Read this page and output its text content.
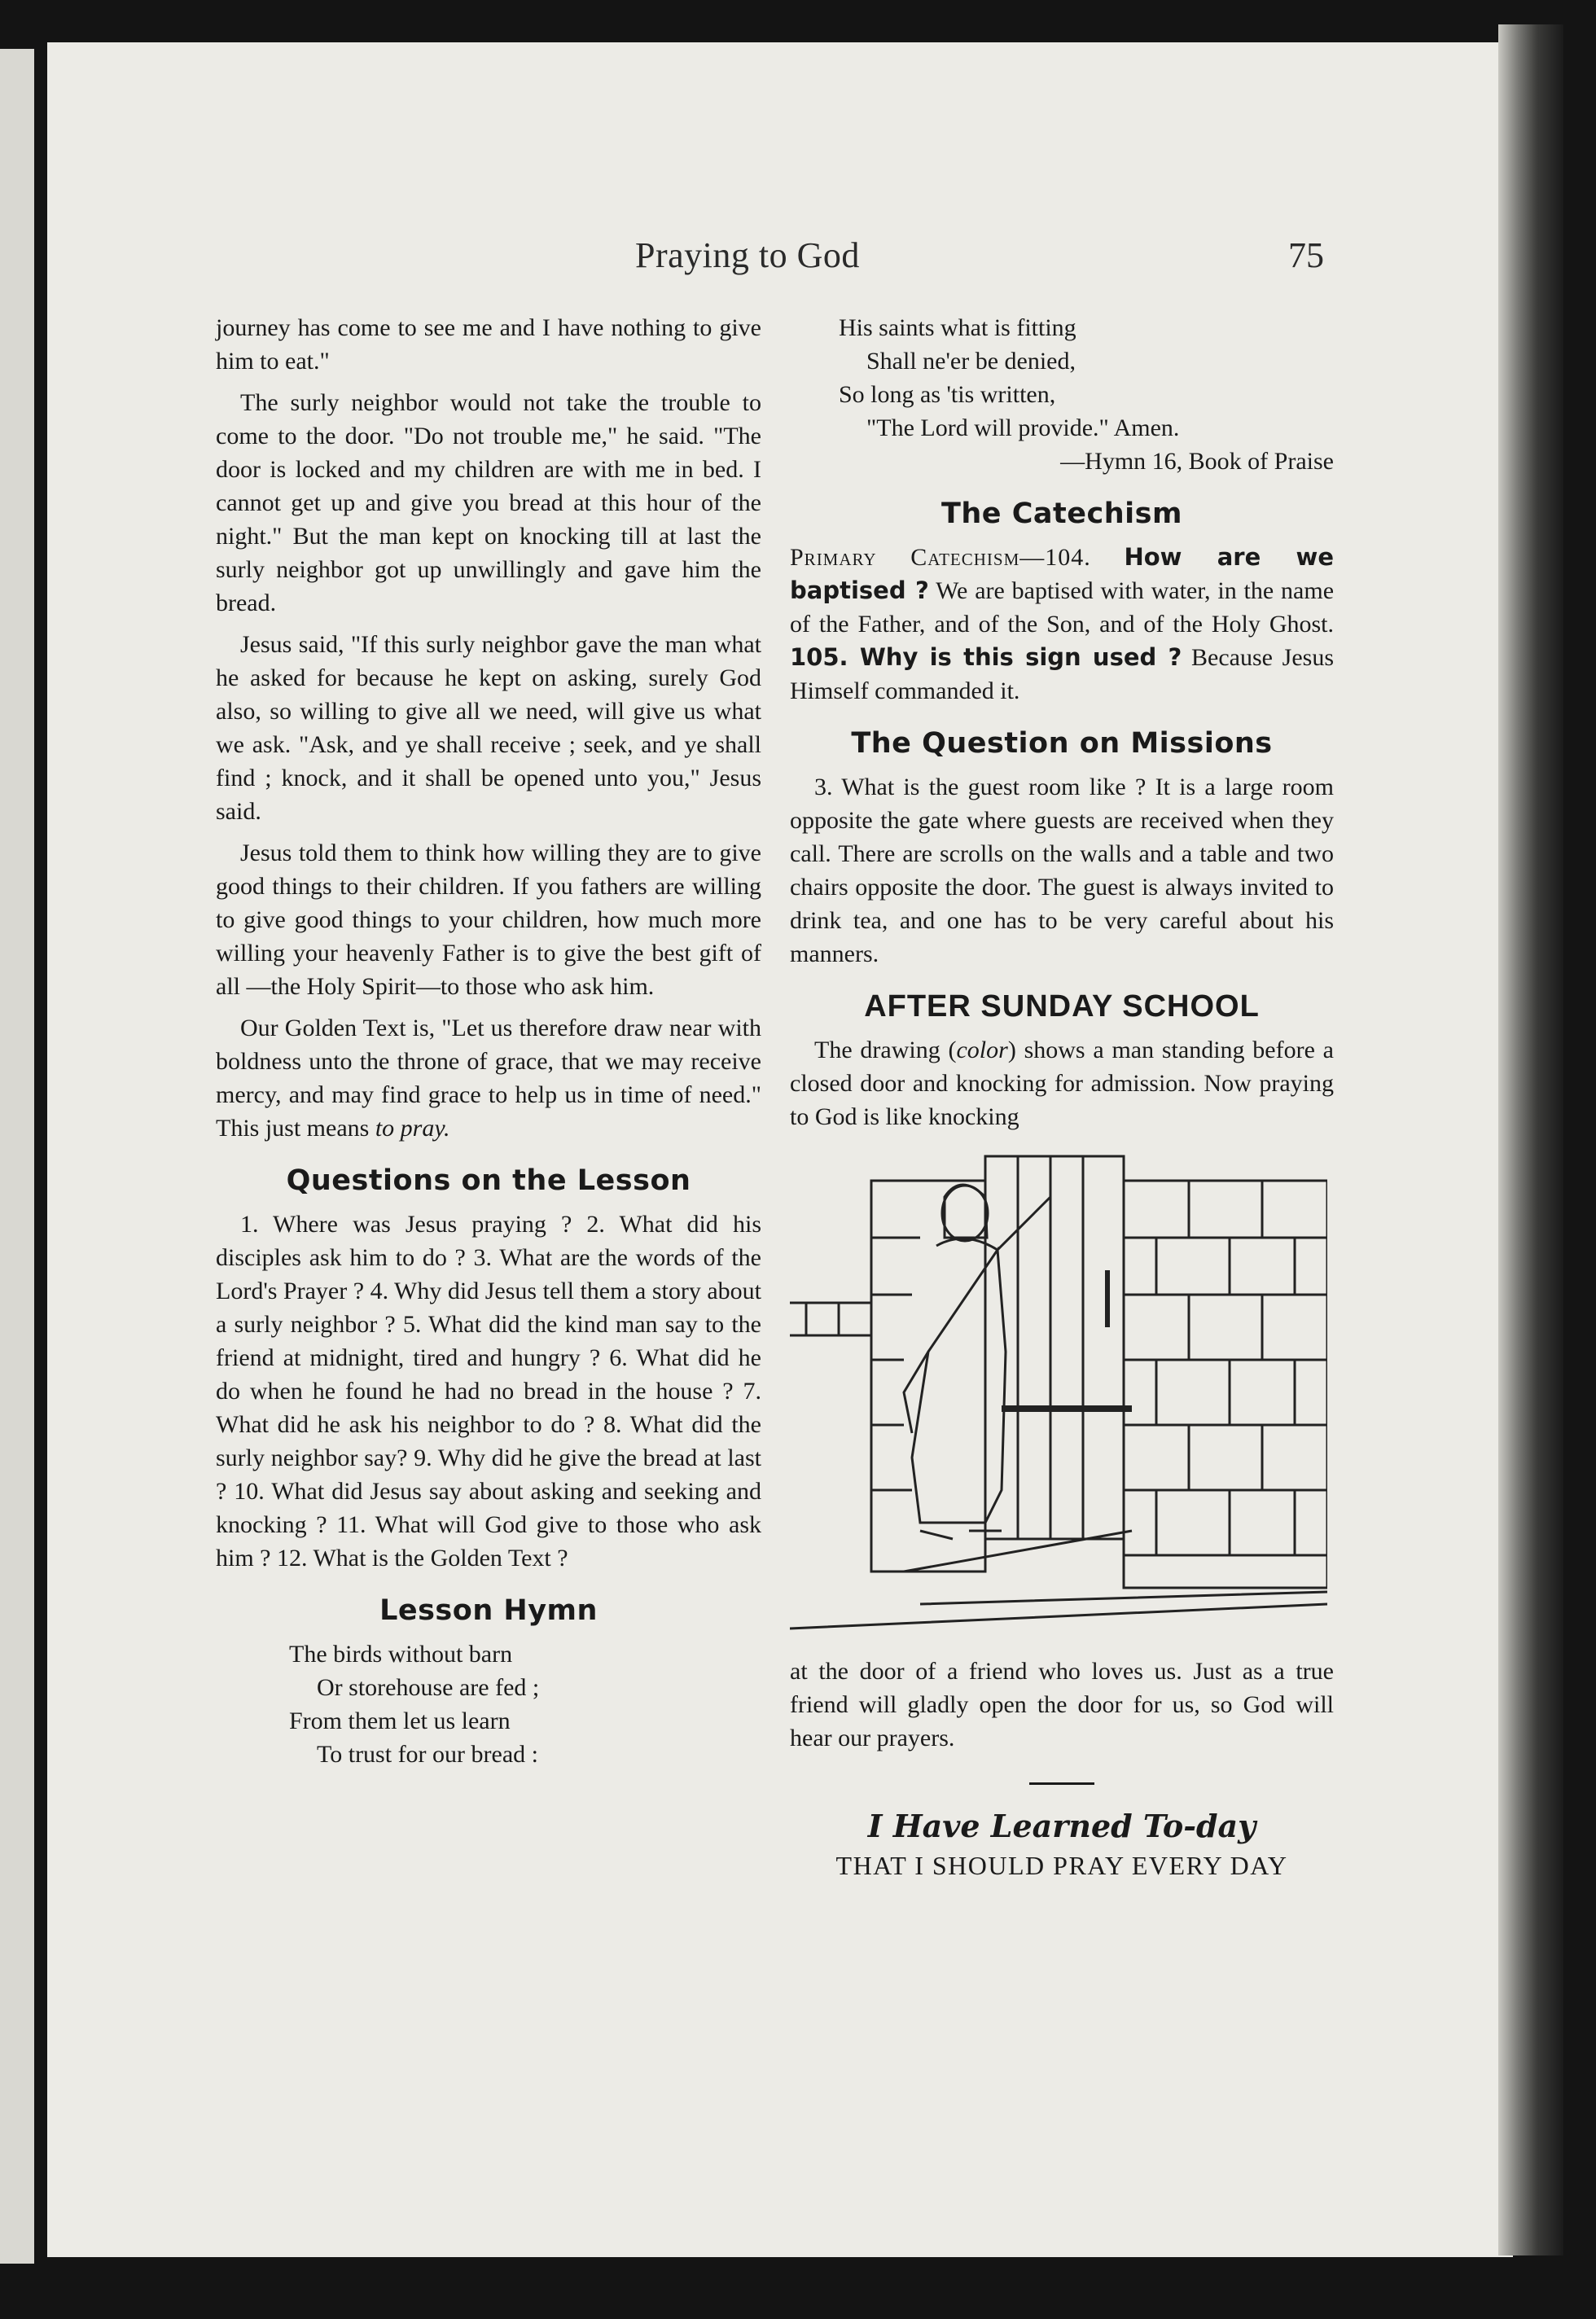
Praying to God	75

journey has come to see me and I have nothing to give him to eat."

The surly neighbor would not take the trouble to come to the door. "Do not trouble me," he said. "The door is locked and my children are with me in bed. I cannot get up and give you bread at this hour of the night." But the man kept on knocking till at last the surly neighbor got up unwillingly and gave him the bread.

Jesus said, "If this surly neighbor gave the man what he asked for because he kept on asking, surely God also, so willing to give all we need, will give us what we ask. "Ask, and ye shall receive ; seek, and ye shall find ; knock, and it shall be opened unto you," Jesus said.

Jesus told them to think how willing they are to give good things to their children. If you fathers are willing to give good things to your children, how much more willing your heavenly Father is to give the best gift of all —the Holy Spirit—to those who ask him.

Our Golden Text is, "Let us therefore draw near with boldness unto the throne of grace, that we may receive mercy, and may find grace to help us in time of need." This just means to pray.

Questions on the Lesson

1. Where was Jesus praying ? 2. What did his disciples ask him to do ? 3. What are the words of the Lord's Prayer ? 4. Why did Jesus tell them a story about a surly neighbor ? 5. What did the kind man say to the friend at midnight, tired and hungry ? 6. What did he do when he found he had no bread in the house ? 7. What did he ask his neighbor to do ? 8. What did the surly neighbor say? 9. Why did he give the bread at last ? 10. What did Jesus say about asking and seeking and knocking ? 11. What will God give to those who ask him ? 12. What is the Golden Text ?

Lesson Hymn
The birds without barn
Or storehouse are fed ;
From them let us learn
To trust for our bread :
His saints what is fitting
Shall ne'er be denied,
So long as 'tis written,
"The Lord will provide." Amen.
—Hymn 16, Book of Praise
The Catechism

Primary Catechism—104. How are we baptised ? We are baptised with water, in the name of the Father, and of the Son, and of the Holy Ghost. 105. Why is this sign used ? Because Jesus Himself commanded it.

The Question on Missions

3. What is the guest room like ? It is a large room opposite the gate where guests are received when they call. There are scrolls on the walls and a table and two chairs opposite the door. The guest is always invited to drink tea, and one has to be very careful about his manners.

AFTER SUNDAY SCHOOL

The drawing (color) shows a man standing before a closed door and knocking for admission. Now praying to God is like knocking

at the door of a friend who loves us. Just as a true friend will gladly open the door for us, so God will hear our prayers.

I Have Learned To-day
THAT I SHOULD PRAY EVERY DAY
